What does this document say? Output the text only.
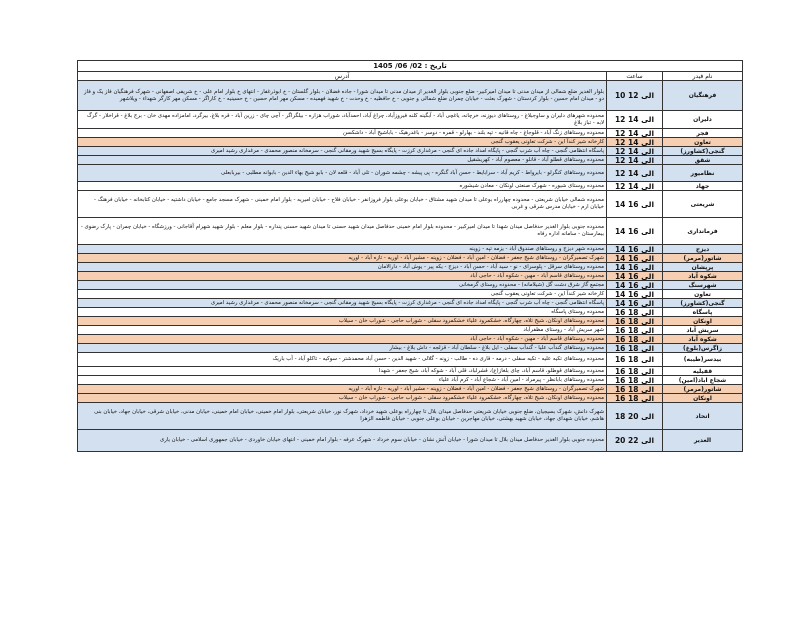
تاریخ : 02/ 06/ 1405		
نام فیدر	ساعت	آدرس
فرهنگیان	10 الی 12	بلوار الغدیر ضلع شمالی از میدان مدنی تا میدان امیرکبیر- ضلع جنوبی بلوار الغدیر از میدان مدنی تا میدان شورا - جاده فضلان - بلوار گلستان - خ ابوذرغفار - انتهای خ بلوار امام علی - خ شریفی اصفهانی - شهرک فرهنگیان فاز یک و فاز دو - میدان امام حسین - بلوار کردستان - شهرک بعثت - خیابان چمران ضلع شمالی و جنوبی - خ حافظیه - خ وحدت - خ شهید فهمیده - مسکن مهر امام حسین - خ حسینیه - خ کاراگر - مسکن مهر کارگر شهداء - ویلاشهر
دلیران	12 الی 14	محدوده شهرهای دلیران و ساوجبلاغ - روستاهای دیوزنه، خرچانه، یاغچی آباد - آبگینه کلنه فیروزآباد، چراغ آباد، احمدآباد، شوراب هزاره - بیلگراگر - آچی چای - زرین آباد - قره بلاغ، بیرگرد، امامزاده مهدی خان - برج بلاغ - قراخلار - گرگ لابه - تباز بلاغ
فجر	12 الی 14	محدوده روستاهای زنگ آباد - قلوجاغ - چاه قانیه - تپه بلند - بهارلو - قمره - دوسر - باغدرهیک - باباشیخ آباد - داشکسن
تعاون	12 الی 14	کارخانه شیر کندآ این - شرکت تعاونی یعقوب گنجی
گنجی(کشاورز)	12 الی 14	پاسگاه انتظامی گنجی - چاه آب شرب گنجی - پایگاه امداد جاده ای گنجی - مرغداری کرزت - پایگاه بسیج شهید ورمقانی گنجی - سرمخانه منصور محمدی - مرغداری رشید امیری
شقق	12 الی 14	محدوده روستاهای قطلو آباد - قانلو - معصوم آباد - کهریشقیل
نظامیور	12 الی 14	محدوده روستاهای کنگرلو - بایرواط - کریم آباد - سرابایط - حسن آباد گنگره - پی پیشه - چشمه شوران - تلی آباد - قلعه لان - بابو شیخ بهاء الدین - بابوانه مطلبی - بیربابعلی
جهاد	12 الی 14	محدوده روستای شیوره - شهرک صنعتی اونکان - معادن شیشوره
شریعتی	14 الی 16	محدوده شمالی خیابان شریعتی - محدوده چهارراه بوعلی تا میدان شهید مشتاق - خیابان بوعلی بلوار فروزانفر - خیابان فلاح - خیابان امیریه - بلوار امام خمینی - شهرک مسجد جامع - خیابان داشتیه - خیابان کتابخانه - خیابان فرهنگ - خیابان ارم - خیابان مدرس شرقی و غربی
فرمانداری	14 الی 16	محدوده جنوبی بلوار الغدیر حدفاصل میدان شهدا تا میدان امیرکبیر - محدوده بلوار امام خمینی حدفاصل میدان شهید حسنی تا میدان شهید حسنی پنداره - بلوار معلم - بلوار شهید شهرام آقاجانی - ورزشگاه - خیابان چمران - پارک رضوی - بیمارستان - سامانه اداره رفاه
دیزج	14 الی 16	محدوده شهر دیزج و روستاهای صندوق آباد - یزمه تپه - زوینه
شاتور(مرمر)	14 الی 16	شهرک تصمیرگران - روستاهای شیخ جعفر - فضلان - امین آباد - فضلان - زوینه - مشیر آباد - اوریه - تازه آباد - اوریه
پرپشان	14 الی 16	محدوده روستاهای سرقل - پلوسرای - نو - سید آباد - حسن آباد - دیزج - یکه پیر - یوش آباد - دارالامان
شکوه آباد	14 الی 16	محدوده روستاهای قاسم آباد - مهین - شکوه آباد - حاجی آباد
شهرسنگ	14 الی 16	مجتمع گاز شرق دشت گل (شیلامانه) - محدوده روستای گرمخانی
تعاون	14 الی 16	کارخانه شیر کندآ این - شرکت تعاونی یعقوب گنجی
گنجی(کشاورز)	14 الی 16	پاسگاه انتظامی گنجی - چاه آب شرب گنجی - پایگاه امداد جاده ای گنجی - مرغداری کرزت - پایگاه بسیج شهید ورمقانی گنجی - سرمخانه منصور محمدی - مرغداری رشید امیری
پاسگاه	16 الی 18	محدوده روستای پاسگاه
اونکان	16 الی 18	محدوده روستاهای اونکان، شیخ تلاه، چهارگاه، خشکمرود علیاء خشکمرود سفلی - شوراب حاجی - شوراب خان - سیلاب
سریش آباد	16 الی 18	شهر سریش آباد - روستای مظفرآباد
شکوه آباد	16 الی 18	محدوده روستاهای قاسم آباد - مهین - شکوه آباد - حاجی آباد
زاگرس(بلوغ)	16 الی 18	محدوده روستاهای گندآب علیا - گندآب سفلی - ایل بلاغ - سلطان آباد - قزلجه - داش بلاغ - بیشار
بیدسر(طیبه)	16 الی 18	محدوده روستاهای تکیه علیه - تکیه سفلی - درمه - قاری ده - طالب - زونه - گلالی - شهید الدین - حسن آباد محمدشتر - سوکیه - تاکلو آباد - آب باریک
قفیلیه	16 الی 18	محدوده روستاهای قوطلو، قاسم آباد، چای بلغاز(ع)، قشرلباد، قلی آباد - شوکه آباد، شیخ جعفر - شهدا
شجاع اباد(امین)	16 الی 18	محدوده روستاهای بابانظر - پیرمراد - امین آباد - شجاع آباد - کرم آباد علیاء
شاتور(مرمر)	16 الی 18	شهرک تصمیرگران - روستاهای شیخ جعفر - فضلان - امین آباد - فضلان - زوینه - مشیر آباد - اوریه - تازه آباد - اوریه
اونکان	16 الی 18	محدوده روستاهای اونکان، شیخ تلاه، چهارگاه، خشکمرود علیاء خشکمرود سفلی - شوراب حاجی - شوراب خان - سیلاب
اتحاد	18 الی 20	شهرک دانش، شهرک بسیجیان، ضلع جنوبی خیابان شریعتی حدفاصل میدان بلال تا چهارراه بوعلی شهید خرداد، شهرک نور، خیابان شریعتی، بلوار امام خمینی، خیابان امام خمینی، خیابان مدنی، خیابان شرقی، خیابان جهاد، خیابان بنی هاشم، خیابان شهدای جهاد، خیابان شهید بهشتی، خیابان مهاجرین - خیابان بوعلی جنوبی - خیابان فاطمه الزهرا
الغدیر	20 الی 22	محدوده جنوبی بلوار الغدیر حدفاصل میدان بلال تا میدان شورا - خیابان آتش نشان - خیابان سوم خرداد - شهرک عرفه - بلوار امام خمینی - انتهای خیابان خاوردی - خیابان جمهوری اسلامی - خیابان یاری
